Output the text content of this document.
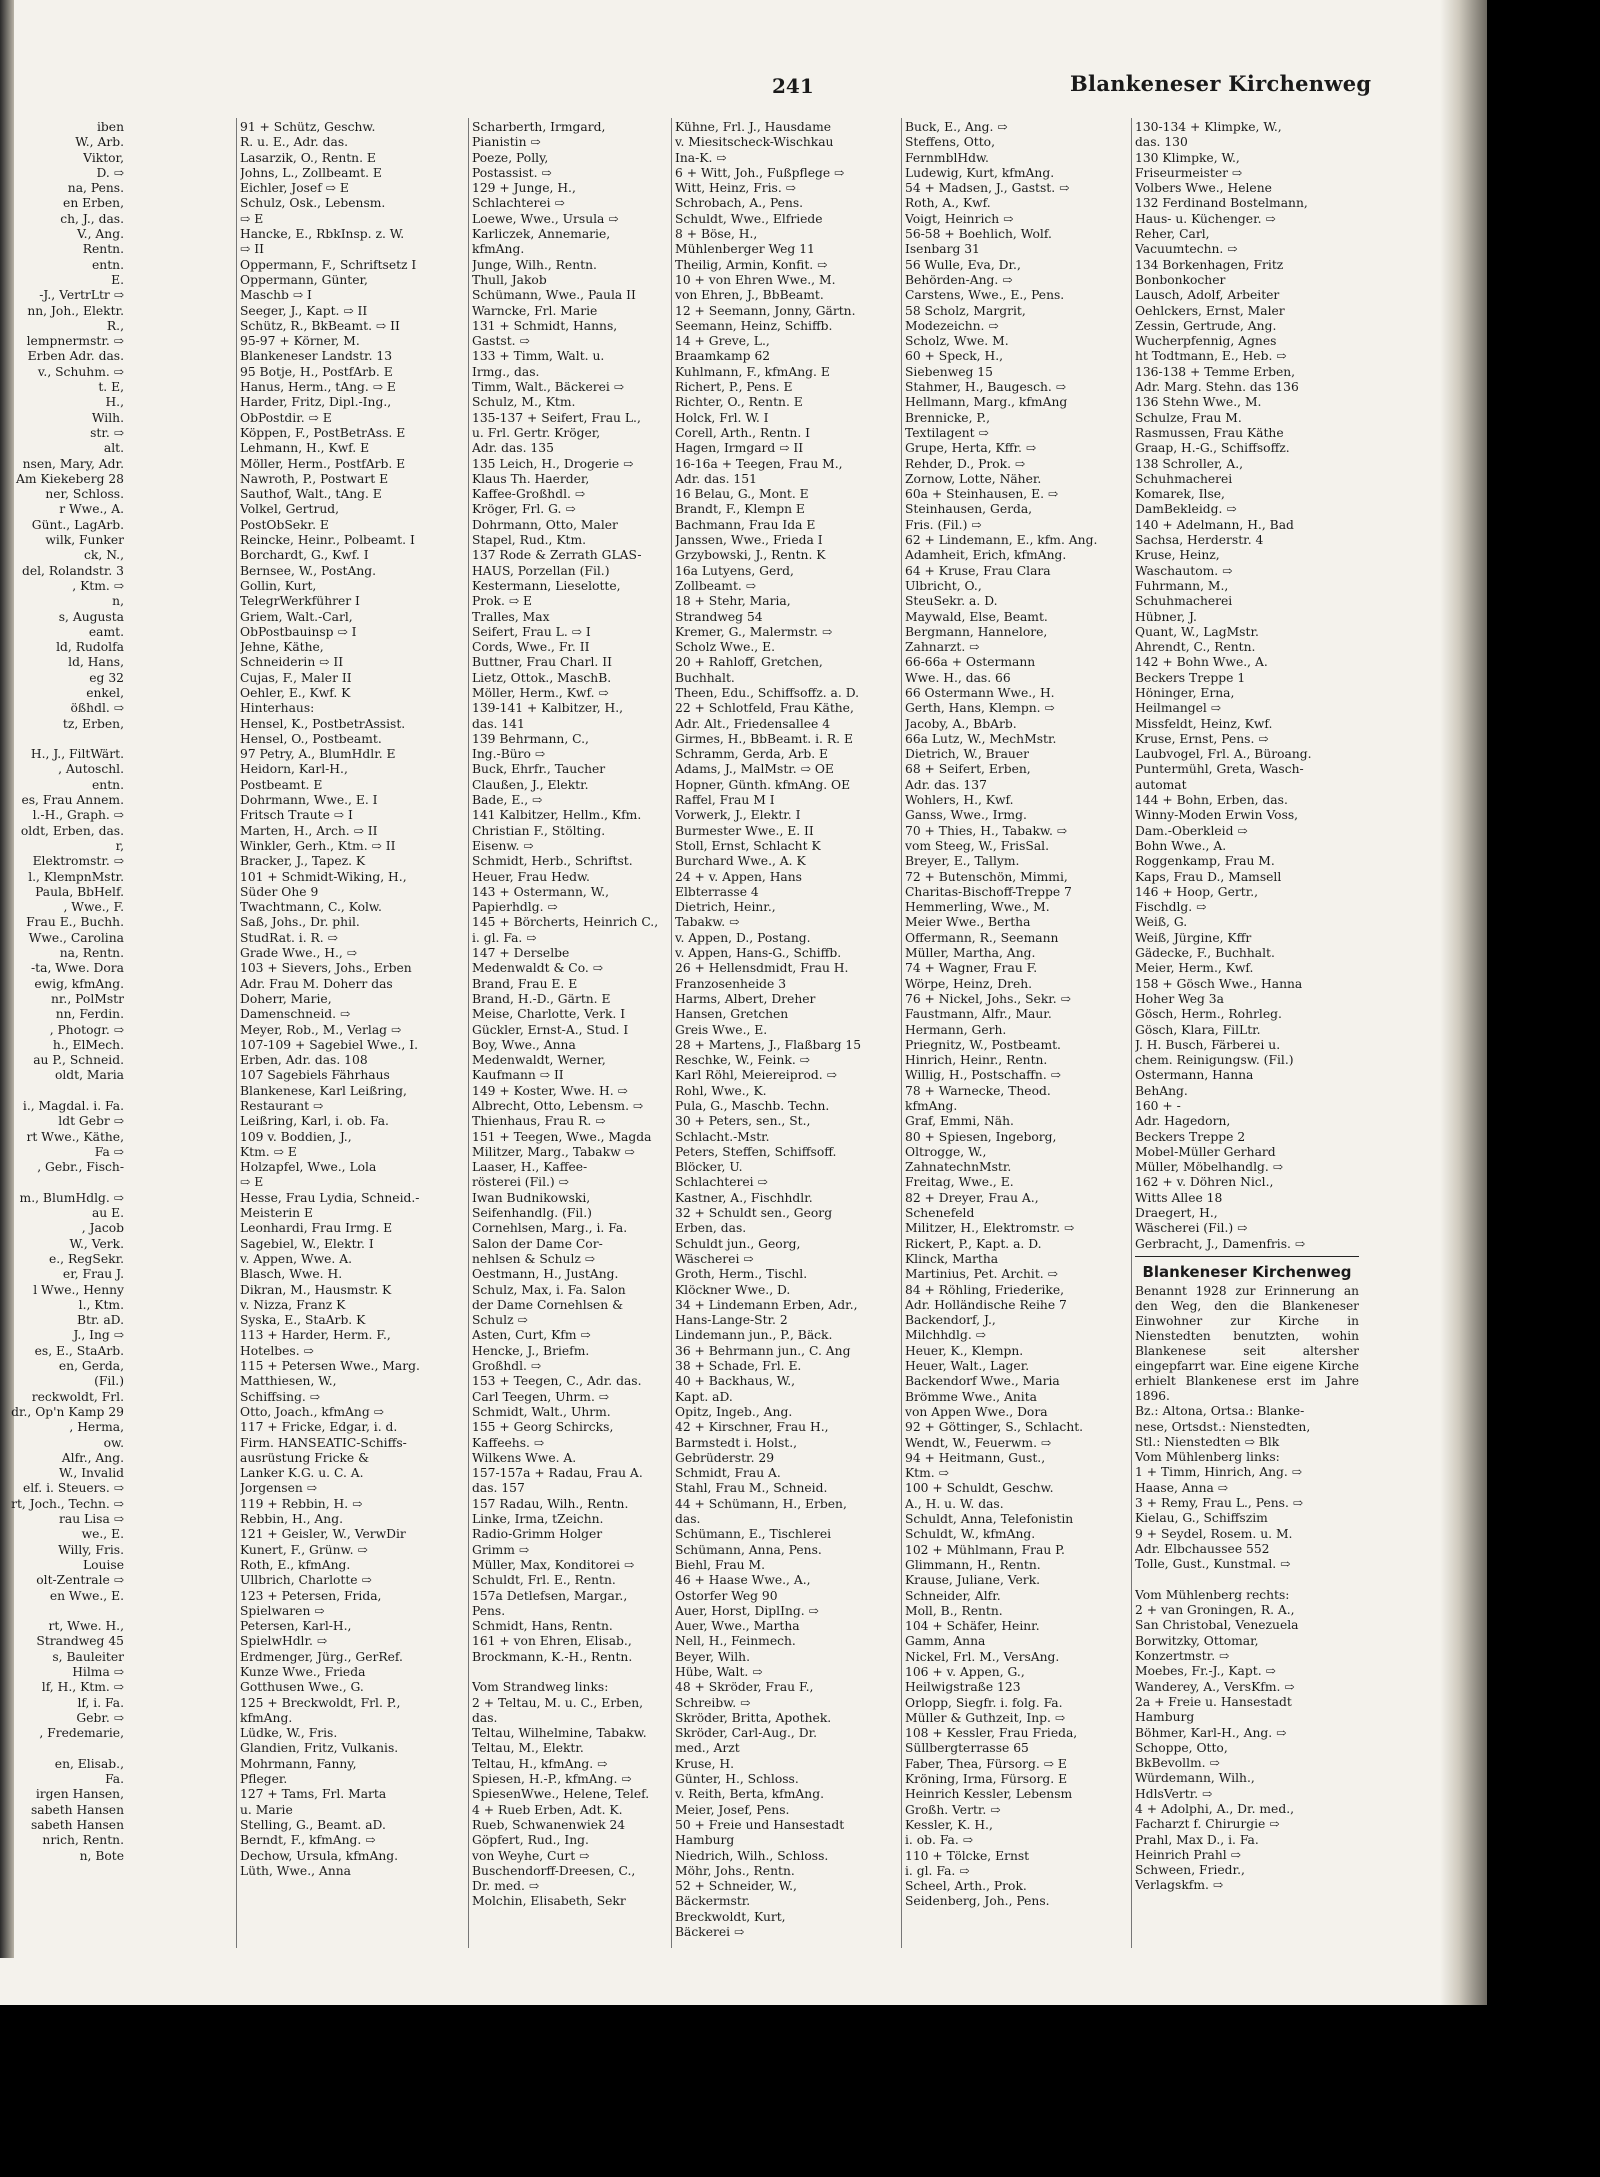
241	Blankeneser Kirchenweg
iben
W., Arb.
Viktor,
D. ⇨
na, Pens.
en Erben,
ch, J., das.
V., Ang.
Rentn.
entn.
E.
-J., VertrLtr ⇨
nn, Joh., Elektr.
R.,
lempnermstr. ⇨
Erben Adr. das.
v., Schuhm. ⇨
t. E,
H.,
Wilh.
str. ⇨
alt.
nsen, Mary, Adr.
Am Kiekeberg 28
ner, Schloss.
r Wwe., A.
Günt., LagArb.
wilk, Funker
ck, N.,
del, Rolandstr. 3
, Ktm. ⇨
n,
s, Augusta
eamt.
ld, Rudolfa
ld, Hans,
eg 32
enkel,
ößhdl. ⇨
tz, Erben,

H., J., FiltWärt.
, Autoschl.
entn.
es, Frau Annem.
l.-H., Graph. ⇨
oldt, Erben, das.
r,
Elektromstr. ⇨
l., KlempnMstr.
Paula, BbHelf.
, Wwe., F.
Frau E., Buchh.
Wwe., Carolina
na, Rentn.
-ta, Wwe. Dora
ewig, kfmAng.
nr., PolMstr
nn, Ferdin.
, Photogr. ⇨
h., ElMech.
au P., Schneid.
oldt, Maria

i., Magdal. i. Fa.
ldt Gebr ⇨
rt Wwe., Käthe,
Fa ⇨
, Gebr., Fisch-

m., BlumHdlg. ⇨
au E.
, Jacob
W., Verk.
e., RegSekr.
er, Frau J.
l Wwe., Henny
l., Ktm.
Btr. aD.
J., Ing ⇨
es, E., StaArb.
en, Gerda,
(Fil.)
reckwoldt, Frl.
dr., Op'n Kamp 29
, Herma,
ow.
Alfr., Ang.
W., Invalid
elf. i. Steuers. ⇨
rt, Joch., Techn. ⇨
rau Lisa ⇨
we., E.
Willy, Fris.
Louise
olt-Zentrale ⇨
en Wwe., E.

rt, Wwe. H.,
Strandweg 45
s, Bauleiter
Hilma ⇨
lf, H., Ktm. ⇨
lf, i. Fa.
Gebr. ⇨
, Fredemarie,

en, Elisab.,
Fa.
irgen Hansen,
sabeth Hansen
sabeth Hansen
nrich, Rentn.
n, Bote
91 + Schütz, Geschw.
R. u. E., Adr. das.
Lasarzik, O., Rentn. E
Johns, L., Zollbeamt. E
Eichler, Josef ⇨ E
Schulz, Osk., Lebensm.
⇨ E
Hancke, E., RbkInsp. z. W.
⇨ II
Oppermann, F., Schriftsetz I
Oppermann, Günter,
Maschb ⇨ I
Seeger, J., Kapt. ⇨ II
Schütz, R., BkBeamt. ⇨ II
95-97 + Körner, M.
Blankeneser Landstr. 13
95 Botje, H., PostfArb. E
Hanus, Herm., tAng. ⇨ E
Harder, Fritz, Dipl.-Ing.,
ObPostdir. ⇨ E
Köppen, F., PostBetrAss. E
Lehmann, H., Kwf. E
Möller, Herm., PostfArb. E
Nawroth, P., Postwart E
Sauthof, Walt., tAng. E
Volkel, Gertrud,
PostObSekr. E
Reincke, Heinr., Polbeamt. I
Borchardt, G., Kwf. I
Bernsee, W., PostAng.
Gollin, Kurt,
TelegrWerkführer I
Griem, Walt.-Carl,
ObPostbauinsp ⇨ I
Jehne, Käthe,
Schneiderin ⇨ II
Cujas, F., Maler II
Oehler, E., Kwf. K
Hinterhaus:
Hensel, K., PostbetrAssist.
Hensel, O., Postbeamt.
97 Petry, A., BlumHdlr. E
Heidorn, Karl-H.,
Postbeamt. E
Dohrmann, Wwe., E. I
Fritsch Traute ⇨ I
Marten, H., Arch. ⇨ II
Winkler, Gerh., Ktm. ⇨ II
Bracker, J., Tapez. K
101 + Schmidt-Wiking, H.,
Süder Ohe 9
Twachtmann, C., Kolw.
Saß, Johs., Dr. phil.
StudRat. i. R. ⇨
Grade Wwe., H., ⇨
103 + Sievers, Johs., Erben
Adr. Frau M. Doherr das
Doherr, Marie,
Damenschneid. ⇨
Meyer, Rob., M., Verlag ⇨
107-109 + Sagebiel Wwe., I.
Erben, Adr. das. 108
107 Sagebiels Fährhaus
Blankenese, Karl Leißring,
Restaurant ⇨
Leißring, Karl, i. ob. Fa.
109 v. Boddien, J.,
Ktm. ⇨ E
Holzapfel, Wwe., Lola
⇨ E
Hesse, Frau Lydia, Schneid.-
Meisterin E
Leonhardi, Frau Irmg. E
Sagebiel, W., Elektr. I
v. Appen, Wwe. A.
Blasch, Wwe. H.
Dikran, M., Hausmstr. K
v. Nizza, Franz K
Syska, E., StaArb. K
113 + Harder, Herm. F.,
Hotelbes. ⇨
115 + Petersen Wwe., Marg.
Matthiesen, W.,
Schiffsing. ⇨
Otto, Joach., kfmAng ⇨
117 + Fricke, Edgar, i. d.
Firm. HANSEATIC-Schiffs-
ausrüstung Fricke &
Lanker K.G. u. C. A.
Jorgensen ⇨
119 + Rebbin, H. ⇨
Rebbin, H., Ang.
121 + Geisler, W., VerwDir
Kunert, F., Grünw. ⇨
Roth, E., kfmAng.
Ullbrich, Charlotte ⇨
123 + Petersen, Frida,
Spielwaren ⇨
Petersen, Karl-H.,
SpielwHdlr. ⇨
Erdmenger, Jürg., GerRef.
Kunze Wwe., Frieda
Gotthusen Wwe., G.
125 + Breckwoldt, Frl. P.,
kfmAng.
Lüdke, W., Fris.
Glandien, Fritz, Vulkanis.
Mohrmann, Fanny,
Pfleger.
127 + Tams, Frl. Marta
u. Marie
Stelling, G., Beamt. aD.
Berndt, F., kfmAng. ⇨
Dechow, Ursula, kfmAng.
Lüth, Wwe., Anna
Scharberth, Irmgard,
Pianistin ⇨
Poeze, Polly,
Postassist. ⇨
129 + Junge, H.,
Schlachterei ⇨
Loewe, Wwe., Ursula ⇨
Karliczek, Annemarie,
kfmAng.
Junge, Wilh., Rentn.
Thull, Jakob
Schümann, Wwe., Paula II
Warncke, Frl. Marie
131 + Schmidt, Hanns,
Gastst. ⇨
133 + Timm, Walt. u.
Irmg., das.
Timm, Walt., Bäckerei ⇨
Schulz, M., Ktm.
135-137 + Seifert, Frau L.,
u. Frl. Gertr. Kröger,
Adr. das. 135
135 Leich, H., Drogerie ⇨
Klaus Th. Haerder,
Kaffee-Großhdl. ⇨
Kröger, Frl. G. ⇨
Dohrmann, Otto, Maler
Stapel, Rud., Ktm.
137 Rode & Zerrath GLAS-
HAUS, Porzellan (Fil.)
Kestermann, Lieselotte,
Prok. ⇨ E
Tralles, Max
Seifert, Frau L. ⇨ I
Cords, Wwe., Fr. II
Buttner, Frau Charl. II
Lietz, Ottok., MaschB.
Möller, Herm., Kwf. ⇨
139-141 + Kalbitzer, H.,
das. 141
139 Behrmann, C.,
Ing.-Büro ⇨
Buck, Ehrfr., Taucher
Claußen, J., Elektr.
Bade, E., ⇨
141 Kalbitzer, Hellm., Kfm.
Christian F., Stölting.
Eisenw. ⇨
Schmidt, Herb., Schriftst.
Heuer, Frau Hedw.
143 + Ostermann, W.,
Papierhdlg. ⇨
145 + Börcherts, Heinrich C.,
i. gl. Fa. ⇨
147 + Derselbe
Medenwaldt & Co. ⇨
Brand, Frau E. E
Brand, H.-D., Gärtn. E
Meise, Charlotte, Verk. I
Gückler, Ernst-A., Stud. I
Boy, Wwe., Anna
Medenwaldt, Werner,
Kaufmann ⇨ II
149 + Koster, Wwe. H. ⇨
Albrecht, Otto, Lebensm. ⇨
Thienhaus, Frau R. ⇨
151 + Teegen, Wwe., Magda
Militzer, Marg., Tabakw ⇨
Laaser, H., Kaffee-
rösterei (Fil.) ⇨
Iwan Budnikowski,
Seifenhandlg. (Fil.)
Cornehlsen, Marg., i. Fa.
Salon der Dame Cor-
nehlsen & Schulz ⇨
Oestmann, H., JustAng.
Schulz, Max, i. Fa. Salon
der Dame Cornehlsen &
Schulz ⇨
Asten, Curt, Kfm ⇨
Hencke, J., Briefm.
Großhdl. ⇨
153 + Teegen, C., Adr. das.
Carl Teegen, Uhrm. ⇨
Schmidt, Walt., Uhrm.
155 + Georg Schircks,
Kaffeehs. ⇨
Wilkens Wwe. A.
157-157a + Radau, Frau A.
das. 157
157 Radau, Wilh., Rentn.
Linke, Irma, tZeichn.
Radio-Grimm Holger
Grimm ⇨
Müller, Max, Konditorei ⇨
Schuldt, Frl. E., Rentn.
157a Detlefsen, Margar.,
Pens.
Schmidt, Hans, Rentn.
161 + von Ehren, Elisab.,
Brockmann, K.-H., Rentn.

Vom Strandweg links:
2 + Teltau, M. u. C., Erben,
das.
Teltau, Wilhelmine, Tabakw.
Teltau, M., Elektr.
Teltau, H., kfmAng. ⇨
Spiesen, H.-P., kfmAng. ⇨
SpiesenWwe., Helene, Telef.
4 + Rueb Erben, Adt. K.
Rueb, Schwanenwiek 24
Göpfert, Rud., Ing.
von Weyhe, Curt ⇨
Buschendorff-Dreesen, C.,
Dr. med. ⇨
Molchin, Elisabeth, Sekr
Kühne, Frl. J., Hausdame
v. Miesitscheck-Wischkau
Ina-K. ⇨
6 + Witt, Joh., Fußpflege ⇨
Witt, Heinz, Fris. ⇨
Schrobach, A., Pens.
Schuldt, Wwe., Elfriede
8 + Böse, H.,
Mühlenberger Weg 11
Theilig, Armin, Konfit. ⇨
10 + von Ehren Wwe., M.
von Ehren, J., BbBeamt.
12 + Seemann, Jonny, Gärtn.
Seemann, Heinz, Schiffb.
14 + Greve, L.,
Braamkamp 62
Kuhlmann, F., kfmAng. E
Richert, P., Pens. E
Richter, O., Rentn. E
Holck, Frl. W. I
Corell, Arth., Rentn. I
Hagen, Irmgard ⇨ II
16-16a + Teegen, Frau M.,
Adr. das. 151
16 Belau, G., Mont. E
Brandt, F., Klempn E
Bachmann, Frau Ida E
Janssen, Wwe., Frieda I
Grzybowski, J., Rentn. K
16a Lutyens, Gerd,
Zollbeamt. ⇨
18 + Stehr, Maria,
Strandweg 54
Kremer, G., Malermstr. ⇨
Scholz Wwe., E.
20 + Rahloff, Gretchen,
Buchhalt.
Theen, Edu., Schiffsoffz. a. D.
22 + Schlotfeld, Frau Käthe,
Adr. Alt., Friedensallee 4
Girmes, H., BbBeamt. i. R. E
Schramm, Gerda, Arb. E
Adams, J., MalMstr. ⇨ OE
Hopner, Günth. kfmAng. OE
Raffel, Frau M I
Vorwerk, J., Elektr. I
Burmester Wwe., E. II
Stoll, Ernst, Schlacht K
Burchard Wwe., A. K
24 + v. Appen, Hans
Elbterrasse 4
Dietrich, Heinr.,
Tabakw. ⇨
v. Appen, D., Postang.
v. Appen, Hans-G., Schiffb.
26 + Hellensdmidt, Frau H.
Franzosenheide 3
Harms, Albert, Dreher
Hansen, Gretchen
Greis Wwe., E.
28 + Martens, J., Flaßbarg 15
Reschke, W., Feink. ⇨
Karl Röhl, Meiereiprod. ⇨
Rohl, Wwe., K.
Pula, G., Maschb. Techn.
30 + Peters, sen., St.,
Schlacht.-Mstr.
Peters, Steffen, Schiffsoff.
Blöcker, U.
Schlachterei ⇨
Kastner, A., Fischhdlr.
32 + Schuldt sen., Georg
Erben, das.
Schuldt jun., Georg,
Wäscherei ⇨
Groth, Herm., Tischl.
Klöckner Wwe., D.
34 + Lindemann Erben, Adr.,
Hans-Lange-Str. 2
Lindemann jun., P., Bäck.
36 + Behrmann jun., C. Ang
38 + Schade, Frl. E.
40 + Backhaus, W.,
Kapt. aD.
Opitz, Ingeb., Ang.
42 + Kirschner, Frau H.,
Barmstedt i. Holst.,
Gebrüderstr. 29
Schmidt, Frau A.
Stahl, Frau M., Schneid.
44 + Schümann, H., Erben,
das.
Schümann, E., Tischlerei
Schümann, Anna, Pens.
Biehl, Frau M.
46 + Haase Wwe., A.,
Ostorfer Weg 90
Auer, Horst, DiplIng. ⇨
Auer, Wwe., Martha
Nell, H., Feinmech.
Beyer, Wilh.
Hübe, Walt. ⇨
48 + Skröder, Frau F.,
Schreibw. ⇨
Skröder, Britta, Apothek.
Skröder, Carl-Aug., Dr.
med., Arzt
Kruse, H.
Günter, H., Schloss.
v. Reith, Berta, kfmAng.
Meier, Josef, Pens.
50 + Freie und Hansestadt
Hamburg
Niedrich, Wilh., Schloss.
Möhr, Johs., Rentn.
52 + Schneider, W.,
Bäckermstr.
Breckwoldt, Kurt,
Bäckerei ⇨
Buck, E., Ang. ⇨
Steffens, Otto,
FernmblHdw.
Ludewig, Kurt, kfmAng.
54 + Madsen, J., Gastst. ⇨
Roth, A., Kwf.
Voigt, Heinrich ⇨
56-58 + Boehlich, Wolf.
Isenbarg 31
56 Wulle, Eva, Dr.,
Behörden-Ang. ⇨
Carstens, Wwe., E., Pens.
58 Scholz, Margrit,
Modezeichn. ⇨
Scholz, Wwe. M.
60 + Speck, H.,
Siebenweg 15
Stahmer, H., Baugesch. ⇨
Hellmann, Marg., kfmAng
Brennicke, P.,
Textilagent ⇨
Grupe, Herta, Kffr. ⇨
Rehder, D., Prok. ⇨
Zornow, Lotte, Näher.
60a + Steinhausen, E. ⇨
Steinhausen, Gerda,
Fris. (Fil.) ⇨
62 + Lindemann, E., kfm. Ang.
Adamheit, Erich, kfmAng.
64 + Kruse, Frau Clara
Ulbricht, O.,
SteuSekr. a. D.
Maywald, Else, Beamt.
Bergmann, Hannelore,
Zahnarzt. ⇨
66-66a + Ostermann
Wwe. H., das. 66
66 Ostermann Wwe., H.
Gerth, Hans, Klempn. ⇨
Jacoby, A., BbArb.
66a Lutz, W., MechMstr.
Dietrich, W., Brauer
68 + Seifert, Erben,
Adr. das. 137
Wohlers, H., Kwf.
Ganss, Wwe., Irmg.
70 + Thies, H., Tabakw. ⇨
vom Steeg, W., FrisSal.
Breyer, E., Tallym.
72 + Butenschön, Mimmi,
Charitas-Bischoff-Treppe 7
Hemmerling, Wwe., M.
Meier Wwe., Bertha
Offermann, R., Seemann
Müller, Martha, Ang.
74 + Wagner, Frau F.
Wörpe, Heinz, Dreh.
76 + Nickel, Johs., Sekr. ⇨
Faustmann, Alfr., Maur.
Hermann, Gerh.
Priegnitz, W., Postbeamt.
Hinrich, Heinr., Rentn.
Willig, H., Postschaffn. ⇨
78 + Warnecke, Theod.
kfmAng.
Graf, Emmi, Näh.
80 + Spiesen, Ingeborg,
Oltrogge, W.,
ZahnatechnMstr.
Freitag, Wwe., E.
82 + Dreyer, Frau A.,
Schenefeld
Militzer, H., Elektromstr. ⇨
Rickert, P., Kapt. a. D.
Klinck, Martha
Martinius, Pet. Archit. ⇨
84 + Röhling, Friederike,
Adr. Holländische Reihe 7
Backendorf, J.,
Milchhdlg. ⇨
Heuer, K., Klempn.
Heuer, Walt., Lager.
Backendorf Wwe., Maria
Brömme Wwe., Anita
von Appen Wwe., Dora
92 + Göttinger, S., Schlacht.
Wendt, W., Feuerwm. ⇨
94 + Heitmann, Gust.,
Ktm. ⇨
100 + Schuldt, Geschw.
A., H. u. W. das.
Schuldt, Anna, Telefonistin
Schuldt, W., kfmAng.
102 + Mühlmann, Frau P.
Glimmann, H., Rentn.
Krause, Juliane, Verk.
Schneider, Alfr.
Moll, B., Rentn.
104 + Schäfer, Heinr.
Gamm, Anna
Nickel, Frl. M., VersAng.
106 + v. Appen, G.,
Heilwigstraße 123
Orlopp, Siegfr. i. folg. Fa.
Müller & Guthzeit, Inp. ⇨
108 + Kessler, Frau Frieda,
Süllbergterrasse 65
Faber, Thea, Fürsorg. ⇨ E
Kröning, Irma, Fürsorg. E
Heinrich Kessler, Lebensm
Großh. Vertr. ⇨
Kessler, K. H.,
i. ob. Fa. ⇨
110 + Tölcke, Ernst
i. gl. Fa. ⇨
Scheel, Arth., Prok.
Seidenberg, Joh., Pens.
130-134 + Klimpke, W.,
das. 130
130 Klimpke, W.,
Friseurmeister ⇨
Volbers Wwe., Helene
132 Ferdinand Bostelmann,
Haus- u. Küchenger. ⇨
Reher, Carl,
Vacuumtechn. ⇨
134 Borkenhagen, Fritz
Bonbonkocher
Lausch, Adolf, Arbeiter
Oehlckers, Ernst, Maler
Zessin, Gertrude, Ang.
Wucherpfennig, Agnes
ht Todtmann, E., Heb. ⇨
136-138 + Temme Erben,
Adr. Marg. Stehn. das 136
136 Stehn Wwe., M.
Schulze, Frau M.
Rasmussen, Frau Käthe
Graap, H.-G., Schiffsoffz.
138 Schroller, A.,
Schuhmacherei
Komarek, Ilse,
DamBekleidg. ⇨
140 + Adelmann, H., Bad
Sachsa, Herderstr. 4
Kruse, Heinz,
Waschautom. ⇨
Fuhrmann, M.,
Schuhmacherei
Hübner, J.
Quant, W., LagMstr.
Ahrendt, C., Rentn.
142 + Bohn Wwe., A.
Beckers Treppe 1
Höninger, Erna,
Heilmangel ⇨
Missfeldt, Heinz, Kwf.
Kruse, Ernst, Pens. ⇨
Laubvogel, Frl. A., Büroang.
Puntermühl, Greta, Wasch-
automat
144 + Bohn, Erben, das.
Winny-Moden Erwin Voss,
Dam.-Oberkleid ⇨
Bohn Wwe., A.
Roggenkamp, Frau M.
Kaps, Frau D., Mamsell
146 + Hoop, Gertr.,
Fischdlg. ⇨
Weiß, G.
Weiß, Jürgine, Kffr
Gädecke, F., Buchhalt.
Meier, Herm., Kwf.
158 + Gösch Wwe., Hanna
Hoher Weg 3a
Gösch, Herm., Rohrleg.
Gösch, Klara, FilLtr.
J. H. Busch, Färberei u.
chem. Reinigungsw. (Fil.)
Ostermann, Hanna
BehAng.
160 + -
Adr. Hagedorn,
Beckers Treppe 2
Mobel-Müller Gerhard
Müller, Möbelhandlg. ⇨
162 + v. Döhren Nicl.,
Witts Allee 18
Draegert, H.,
Wäscherei (Fil.) ⇨
Gerbracht, J., Damenfris. ⇨
Blankeneser Kirchenweg
Benannt 1928 zur Erinnerung an den Weg, den die Blankeneser Einwohner zur Kirche in Nienstedten benutzten, wohin Blankenese seit altersher eingepfarrt war. Eine eigene Kirche erhielt Blankenese erst im Jahre 1896.
Bz.: Altona, Ortsa.: Blanke-
nese, Ortsdst.: Nienstedten,
Stl.: Nienstedten ⇨ Blk
Vom Mühlenberg links:
1 + Timm, Hinrich, Ang. ⇨
Haase, Anna ⇨
3 + Remy, Frau L., Pens. ⇨
Kielau, G., Schiffszim
9 + Seydel, Rosem. u. M.
Adr. Elbchaussee 552
Tolle, Gust., Kunstmal. ⇨

Vom Mühlenberg rechts:
2 + van Groningen, R. A.,
San Christobal, Venezuela
Borwitzky, Ottomar,
Konzertmstr. ⇨
Moebes, Fr.-J., Kapt. ⇨
Wanderey, A., VersKfm. ⇨
2a + Freie u. Hansestadt
Hamburg
Böhmer, Karl-H., Ang. ⇨
Schoppe, Otto,
BkBevollm. ⇨
Würdemann, Wilh.,
HdlsVertr. ⇨
4 + Adolphi, A., Dr. med.,
Facharzt f. Chirurgie ⇨
Prahl, Max D., i. Fa.
Heinrich Prahl ⇨
Schween, Friedr.,
Verlagskfm. ⇨
